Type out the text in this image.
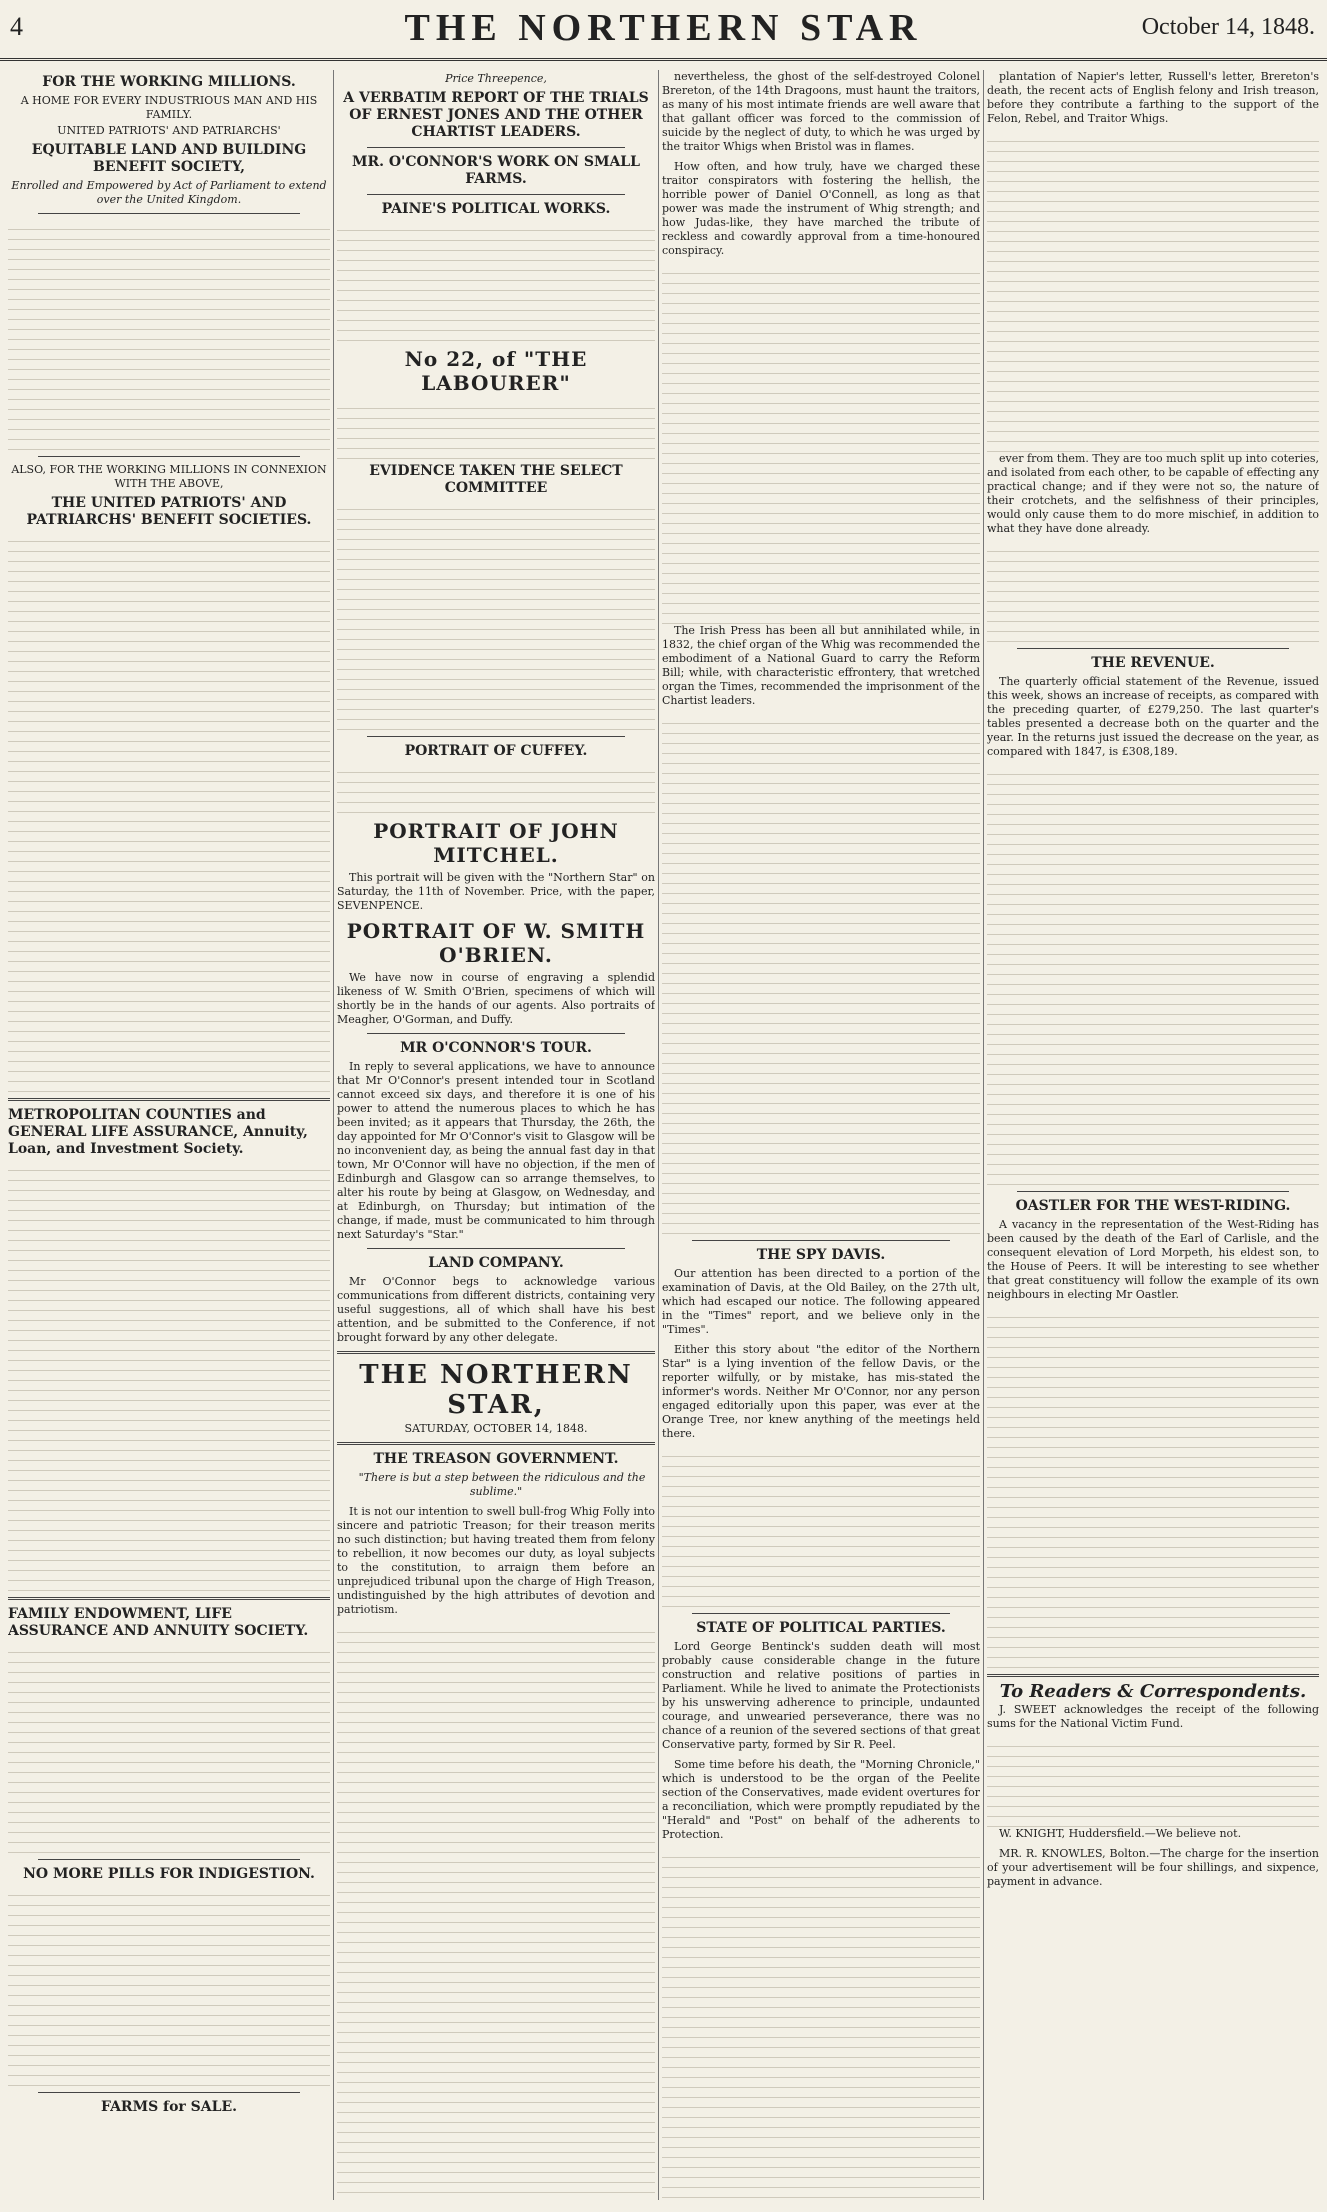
4	THE NORTHERN STAR	October 14, 1848.
FOR THE WORKING MILLIONS.
A HOME FOR EVERY INDUSTRIOUS MAN AND HIS FAMILY.
UNITED PATRIOTS' AND PATRIARCHS'
EQUITABLE LAND AND BUILDING BENEFIT SOCIETY,
Enrolled and Empowered by Act of Parliament to extend over the United Kingdom.
ALSO, FOR THE WORKING MILLIONS IN CONNEXION WITH THE ABOVE,
THE UNITED PATRIOTS' AND PATRIARCHS' BENEFIT SOCIETIES.
METROPOLITAN COUNTIES and GENERAL LIFE ASSURANCE, Annuity, Loan, and Investment Society.
FAMILY ENDOWMENT, LIFE ASSURANCE AND ANNUITY SOCIETY.
NO MORE PILLS FOR INDIGESTION.
FARMS for SALE.
Price Threepence,
A VERBATIM REPORT OF THE TRIALS OF ERNEST JONES AND THE OTHER CHARTIST LEADERS.
MR. O'CONNOR'S WORK ON SMALL FARMS.
PAINE'S POLITICAL WORKS.
No 22, of "THE LABOURER"
EVIDENCE TAKEN THE SELECT COMMITTEE
PORTRAIT OF CUFFEY.
PORTRAIT OF JOHN MITCHEL.

This portrait will be given with the "Northern Star" on Saturday, the 11th of November. Price, with the paper, SEVENPENCE.

PORTRAIT OF W. SMITH O'BRIEN.

We have now in course of engraving a splendid likeness of W. Smith O'Brien, specimens of which will shortly be in the hands of our agents. Also portraits of Meagher, O'Gorman, and Duffy.

MR O'CONNOR'S TOUR.

In reply to several applications, we have to announce that Mr O'Connor's present intended tour in Scotland cannot exceed six days, and therefore it is one of his power to attend the numerous places to which he has been invited; as it appears that Thursday, the 26th, the day appointed for Mr O'Connor's visit to Glasgow will be no inconvenient day, as being the annual fast day in that town, Mr O'Connor will have no objection, if the men of Edinburgh and Glasgow can so arrange themselves, to alter his route by being at Glasgow, on Wednesday, and at Edinburgh, on Thursday; but intimation of the change, if made, must be communicated to him through next Saturday's "Star."

LAND COMPANY.

Mr O'Connor begs to acknowledge various communications from different districts, containing very useful suggestions, all of which shall have his best attention, and be submitted to the Conference, if not brought forward by any other delegate.

THE NORTHERN STAR,
SATURDAY, OCTOBER 14, 1848.
THE TREASON GOVERNMENT.

"There is but a step between the ridiculous and the sublime."

It is not our intention to swell bull-frog Whig Folly into sincere and patriotic Treason; for their treason merits no such distinction; but having treated them from felony to rebellion, it now becomes our duty, as loyal subjects to the constitution, to arraign them before an unprejudiced tribunal upon the charge of High Treason, undistinguished by the high attributes of devotion and patriotism.

nevertheless, the ghost of the self-destroyed Colonel Brereton, of the 14th Dragoons, must haunt the traitors, as many of his most intimate friends are well aware that that gallant officer was forced to the commission of suicide by the neglect of duty, to which he was urged by the traitor Whigs when Bristol was in flames.

How often, and how truly, have we charged these traitor conspirators with fostering the hellish, the horrible power of Daniel O'Connell, as long as that power was made the instrument of Whig strength; and how Judas-like, they have marched the tribute of reckless and cowardly approval from a time-honoured conspiracy.

The Irish Press has been all but annihilated while, in 1832, the chief organ of the Whig was recommended the embodiment of a National Guard to carry the Reform Bill; while, with characteristic effrontery, that wretched organ the Times, recommended the imprisonment of the Chartist leaders.

THE SPY DAVIS.

Our attention has been directed to a portion of the examination of Davis, at the Old Bailey, on the 27th ult, which had escaped our notice. The following appeared in the "Times" report, and we believe only in the "Times".

Either this story about "the editor of the Northern Star" is a lying invention of the fellow Davis, or the reporter wilfully, or by mistake, has mis-stated the informer's words. Neither Mr O'Connor, nor any person engaged editorially upon this paper, was ever at the Orange Tree, nor knew anything of the meetings held there.

STATE OF POLITICAL PARTIES.

Lord George Bentinck's sudden death will most probably cause considerable change in the future construction and relative positions of parties in Parliament. While he lived to animate the Protectionists by his unswerving adherence to principle, undaunted courage, and unwearied perseverance, there was no chance of a reunion of the severed sections of that great Conservative party, formed by Sir R. Peel.

Some time before his death, the "Morning Chronicle," which is understood to be the organ of the Peelite section of the Conservatives, made evident overtures for a reconciliation, which were promptly repudiated by the "Herald" and "Post" on behalf of the adherents to Protection.

plantation of Napier's letter, Russell's letter, Brereton's death, the recent acts of English felony and Irish treason, before they contribute a farthing to the support of the Felon, Rebel, and Traitor Whigs.

ever from them. They are too much split up into coteries, and isolated from each other, to be capable of effecting any practical change; and if they were not so, the nature of their crotchets, and the selfishness of their principles, would only cause them to do more mischief, in addition to what they have done already.

THE REVENUE.

The quarterly official statement of the Revenue, issued this week, shows an increase of receipts, as compared with the preceding quarter, of £279,250. The last quarter's tables presented a decrease both on the quarter and the year. In the returns just issued the decrease on the year, as compared with 1847, is £308,189.

OASTLER FOR THE WEST-RIDING.

A vacancy in the representation of the West-Riding has been caused by the death of the Earl of Carlisle, and the consequent elevation of Lord Morpeth, his eldest son, to the House of Peers. It will be interesting to see whether that great constituency will follow the example of its own neighbours in electing Mr Oastler.

To Readers & Correspondents.

J. SWEET acknowledges the receipt of the following sums for the National Victim Fund.

W. KNIGHT, Huddersfield.—We believe not.

MR. R. KNOWLES, Bolton.—The charge for the insertion of your advertisement will be four shillings, and sixpence, payment in advance.
